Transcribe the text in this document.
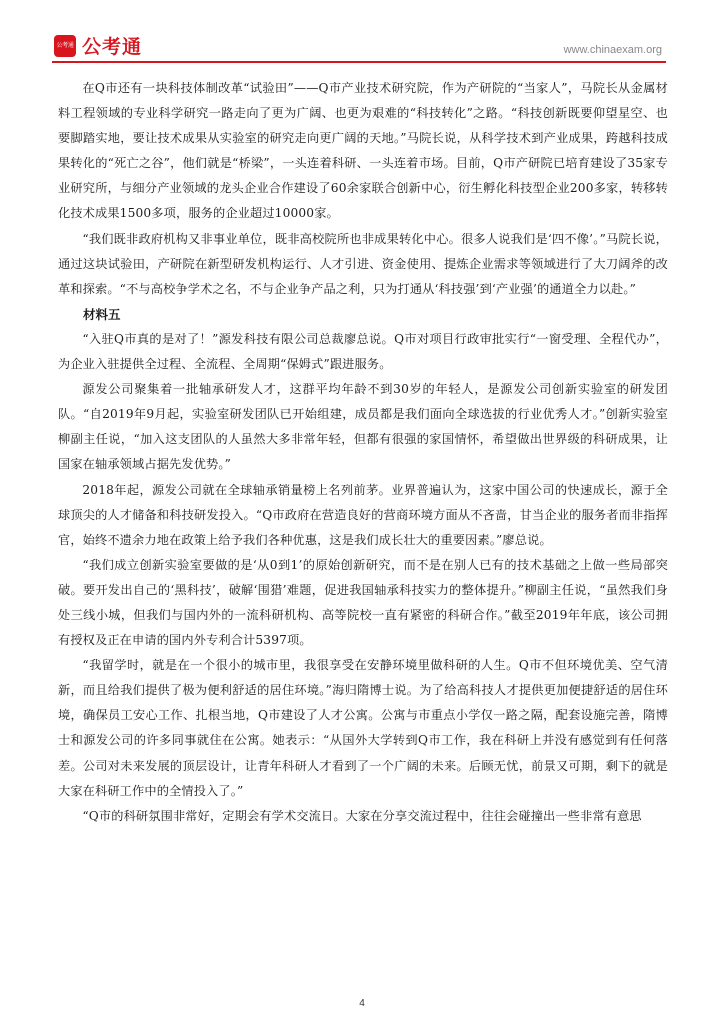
公考通 公考通	www.chinaexam.org

在Q市还有一块科技体制改革“试验田”——Q市产业技术研究院，作为产研院的“当家人”，马院长从金属材料工程领域的专业科学研究一路走向了更为广阔、也更为艰难的“科技转化”之路。“科技创新既要仰望星空、也要脚踏实地，要让技术成果从实验室的研究走向更广阔的天地。”马院长说，从科学技术到产业成果，跨越科技成果转化的“死亡之谷”，他们就是“桥梁”，一头连着科研、一头连着市场。目前，Q市产研院已培育建设了35家专业研究所，与细分产业领域的龙头企业合作建设了60余家联合创新中心，衍生孵化科技型企业200多家，转移转化技术成果1500多项，服务的企业超过10000家。

“我们既非政府机构又非事业单位，既非高校院所也非成果转化中心。很多人说我们是‘四不像’。”马院长说，通过这块试验田，产研院在新型研发机构运行、人才引进、资金使用、提炼企业需求等领域进行了大刀阔斧的改革和探索。“不与高校争学术之名，不与企业争产品之利，只为打通从‘科技强’到‘产业强’的通道全力以赴。”

材料五

“入驻Q市真的是对了！”源发科技有限公司总裁廖总说。Q市对项目行政审批实行“一窗受理、全程代办”，为企业入驻提供全过程、全流程、全周期“保姆式”跟进服务。

源发公司聚集着一批轴承研发人才，这群平均年龄不到30岁的年轻人，是源发公司创新实验室的研发团队。“自2019年9月起，实验室研发团队已开始组建，成员都是我们面向全球选拔的行业优秀人才。”创新实验室柳副主任说，“加入这支团队的人虽然大多非常年轻，但都有很强的家国情怀，希望做出世界级的科研成果，让国家在轴承领域占据先发优势。”

2018年起，源发公司就在全球轴承销量榜上名列前茅。业界普遍认为，这家中国公司的快速成长，源于全球顶尖的人才储备和科技研发投入。“Q市政府在营造良好的营商环境方面从不吝啬，甘当企业的服务者而非指挥官，始终不遗余力地在政策上给予我们各种优惠，这是我们成长壮大的重要因素。”廖总说。

“我们成立创新实验室要做的是‘从0到1’的原始创新研究，而不是在别人已有的技术基础之上做一些局部突破。要开发出自己的‘黑科技’，破解‘围猎’难题，促进我国轴承科技实力的整体提升。”柳副主任说，“虽然我们身处三线小城，但我们与国内外的一流科研机构、高等院校一直有紧密的科研合作。”截至2019年年底，该公司拥有授权及正在申请的国内外专利合计5397项。

“我留学时，就是在一个很小的城市里，我很享受在安静环境里做科研的人生。Q市不但环境优美、空气清新，而且给我们提供了极为便利舒适的居住环境。”海归隋博士说。为了给高科技人才提供更加便捷舒适的居住环境，确保员工安心工作、扎根当地，Q市建设了人才公寓。公寓与市重点小学仅一路之隔，配套设施完善，隋博士和源发公司的许多同事就住在公寓。她表示：“从国外大学转到Q市工作，我在科研上并没有感觉到有任何落差。公司对未来发展的顶层设计，让青年科研人才看到了一个广阔的未来。后顾无忧，前景又可期，剩下的就是大家在科研工作中的全情投入了。”

“Q市的科研氛围非常好，定期会有学术交流日。大家在分享交流过程中，往往会碰撞出一些非常有意思

4
